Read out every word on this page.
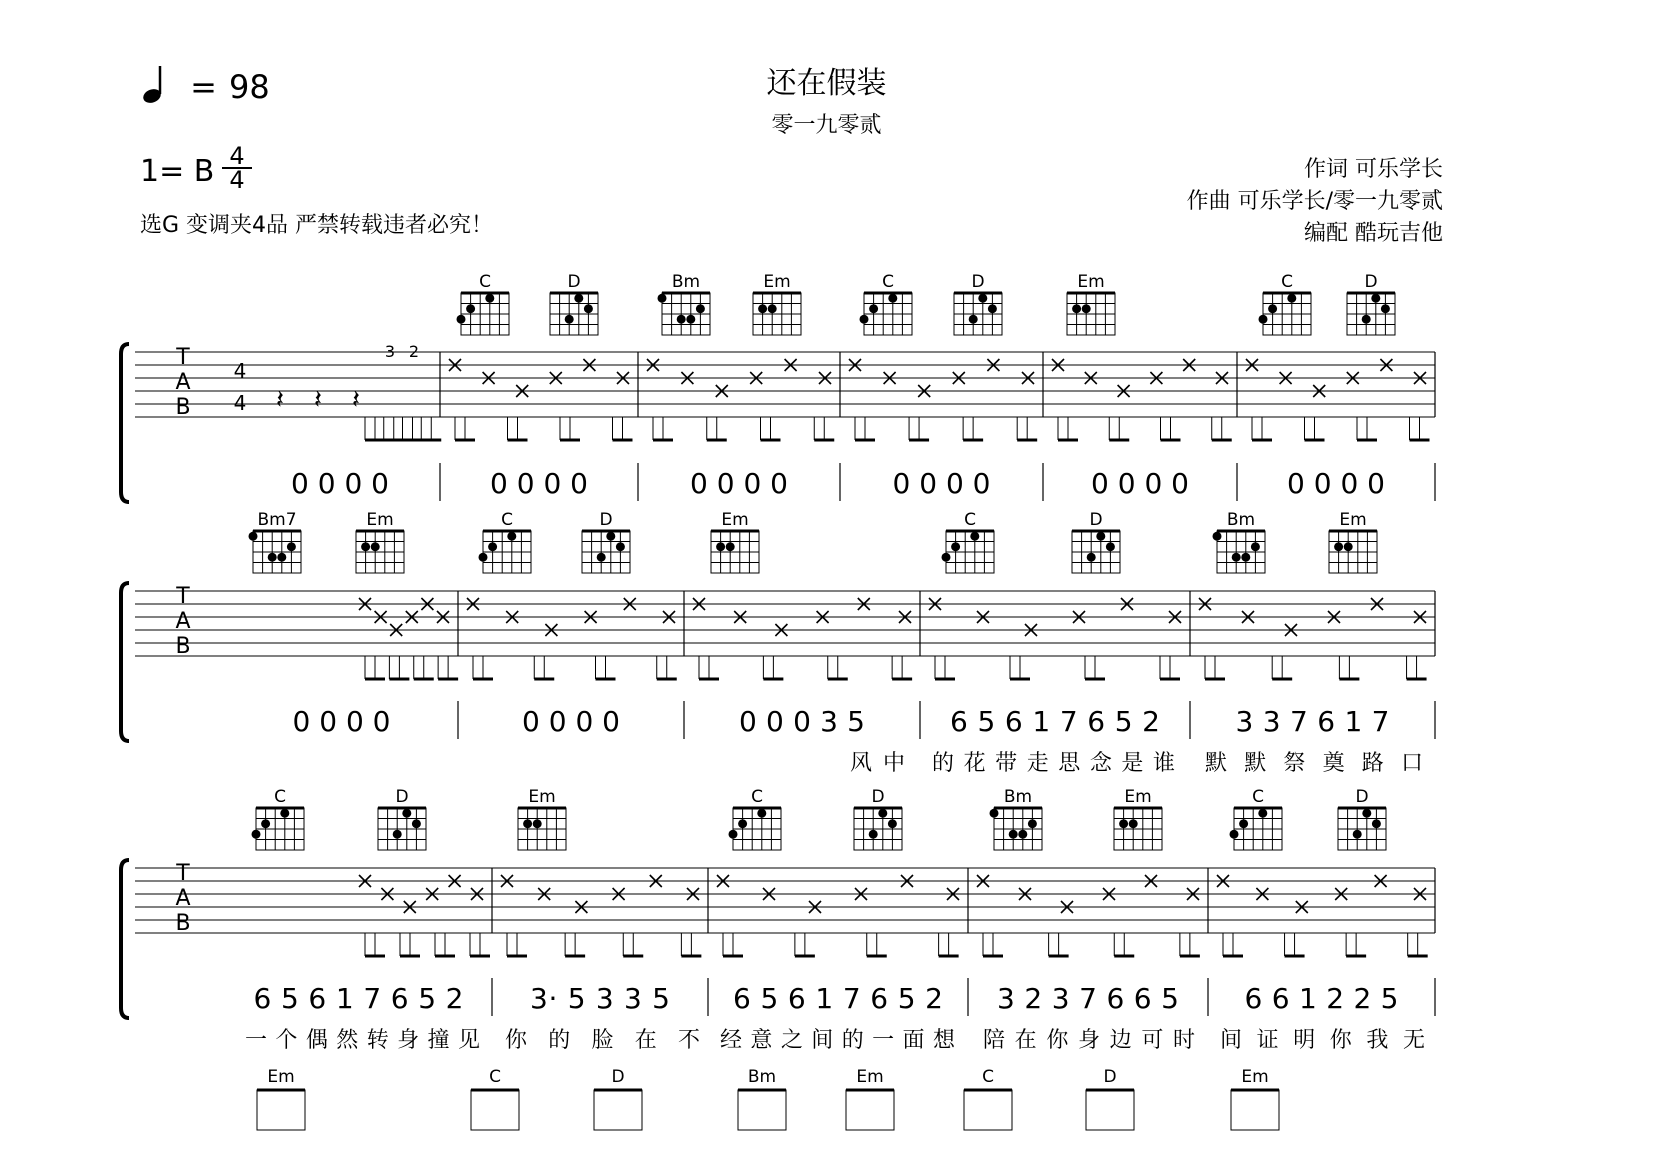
还在假装
零一九零贰
= 98
1= B 4
4
选G 变调夹4品 严禁转载违者必究！
作词 可乐学长
作曲 可乐学长/零一九零贰
编配 酷玩吉他
T
A
B
T
A
B
T
A
B
4
4 𝄽 𝄽 𝄽
3 2
C	D	Bm	Em	C	D	Em	C	D
Bm7	Em	C	D	Em	C	D	Bm	Em
C	D	Em	C	D	Bm	Em	C	D
Em	C	D	Bm	Em	C	D	Em
0 0 0 0	0 0 0 0	0 0 0 0	0 0 0 0	0 0 0 0	0 0 0 0
0 0 0 0	0 0 0 0	0 0 0 3 5	6 5 6 1 7 6 5 2	3 3 7 6 1 7
6 5 6 1 7 6 5 2 3· 5 3 3 5 6 5 6 1 7 6 5 2 3 2 3 7 6 6 5 6 6 1 2 2 5
风 中 的 花 带 走 思 念 是 谁 默 默 祭 奠 路 口
一 个 偶 然 转 身 撞 见 你 的 脸 在 不 经 意 之 间 的 一 面 想 陪 在 你 身 边 可 时 间 证 明 你 我 无
